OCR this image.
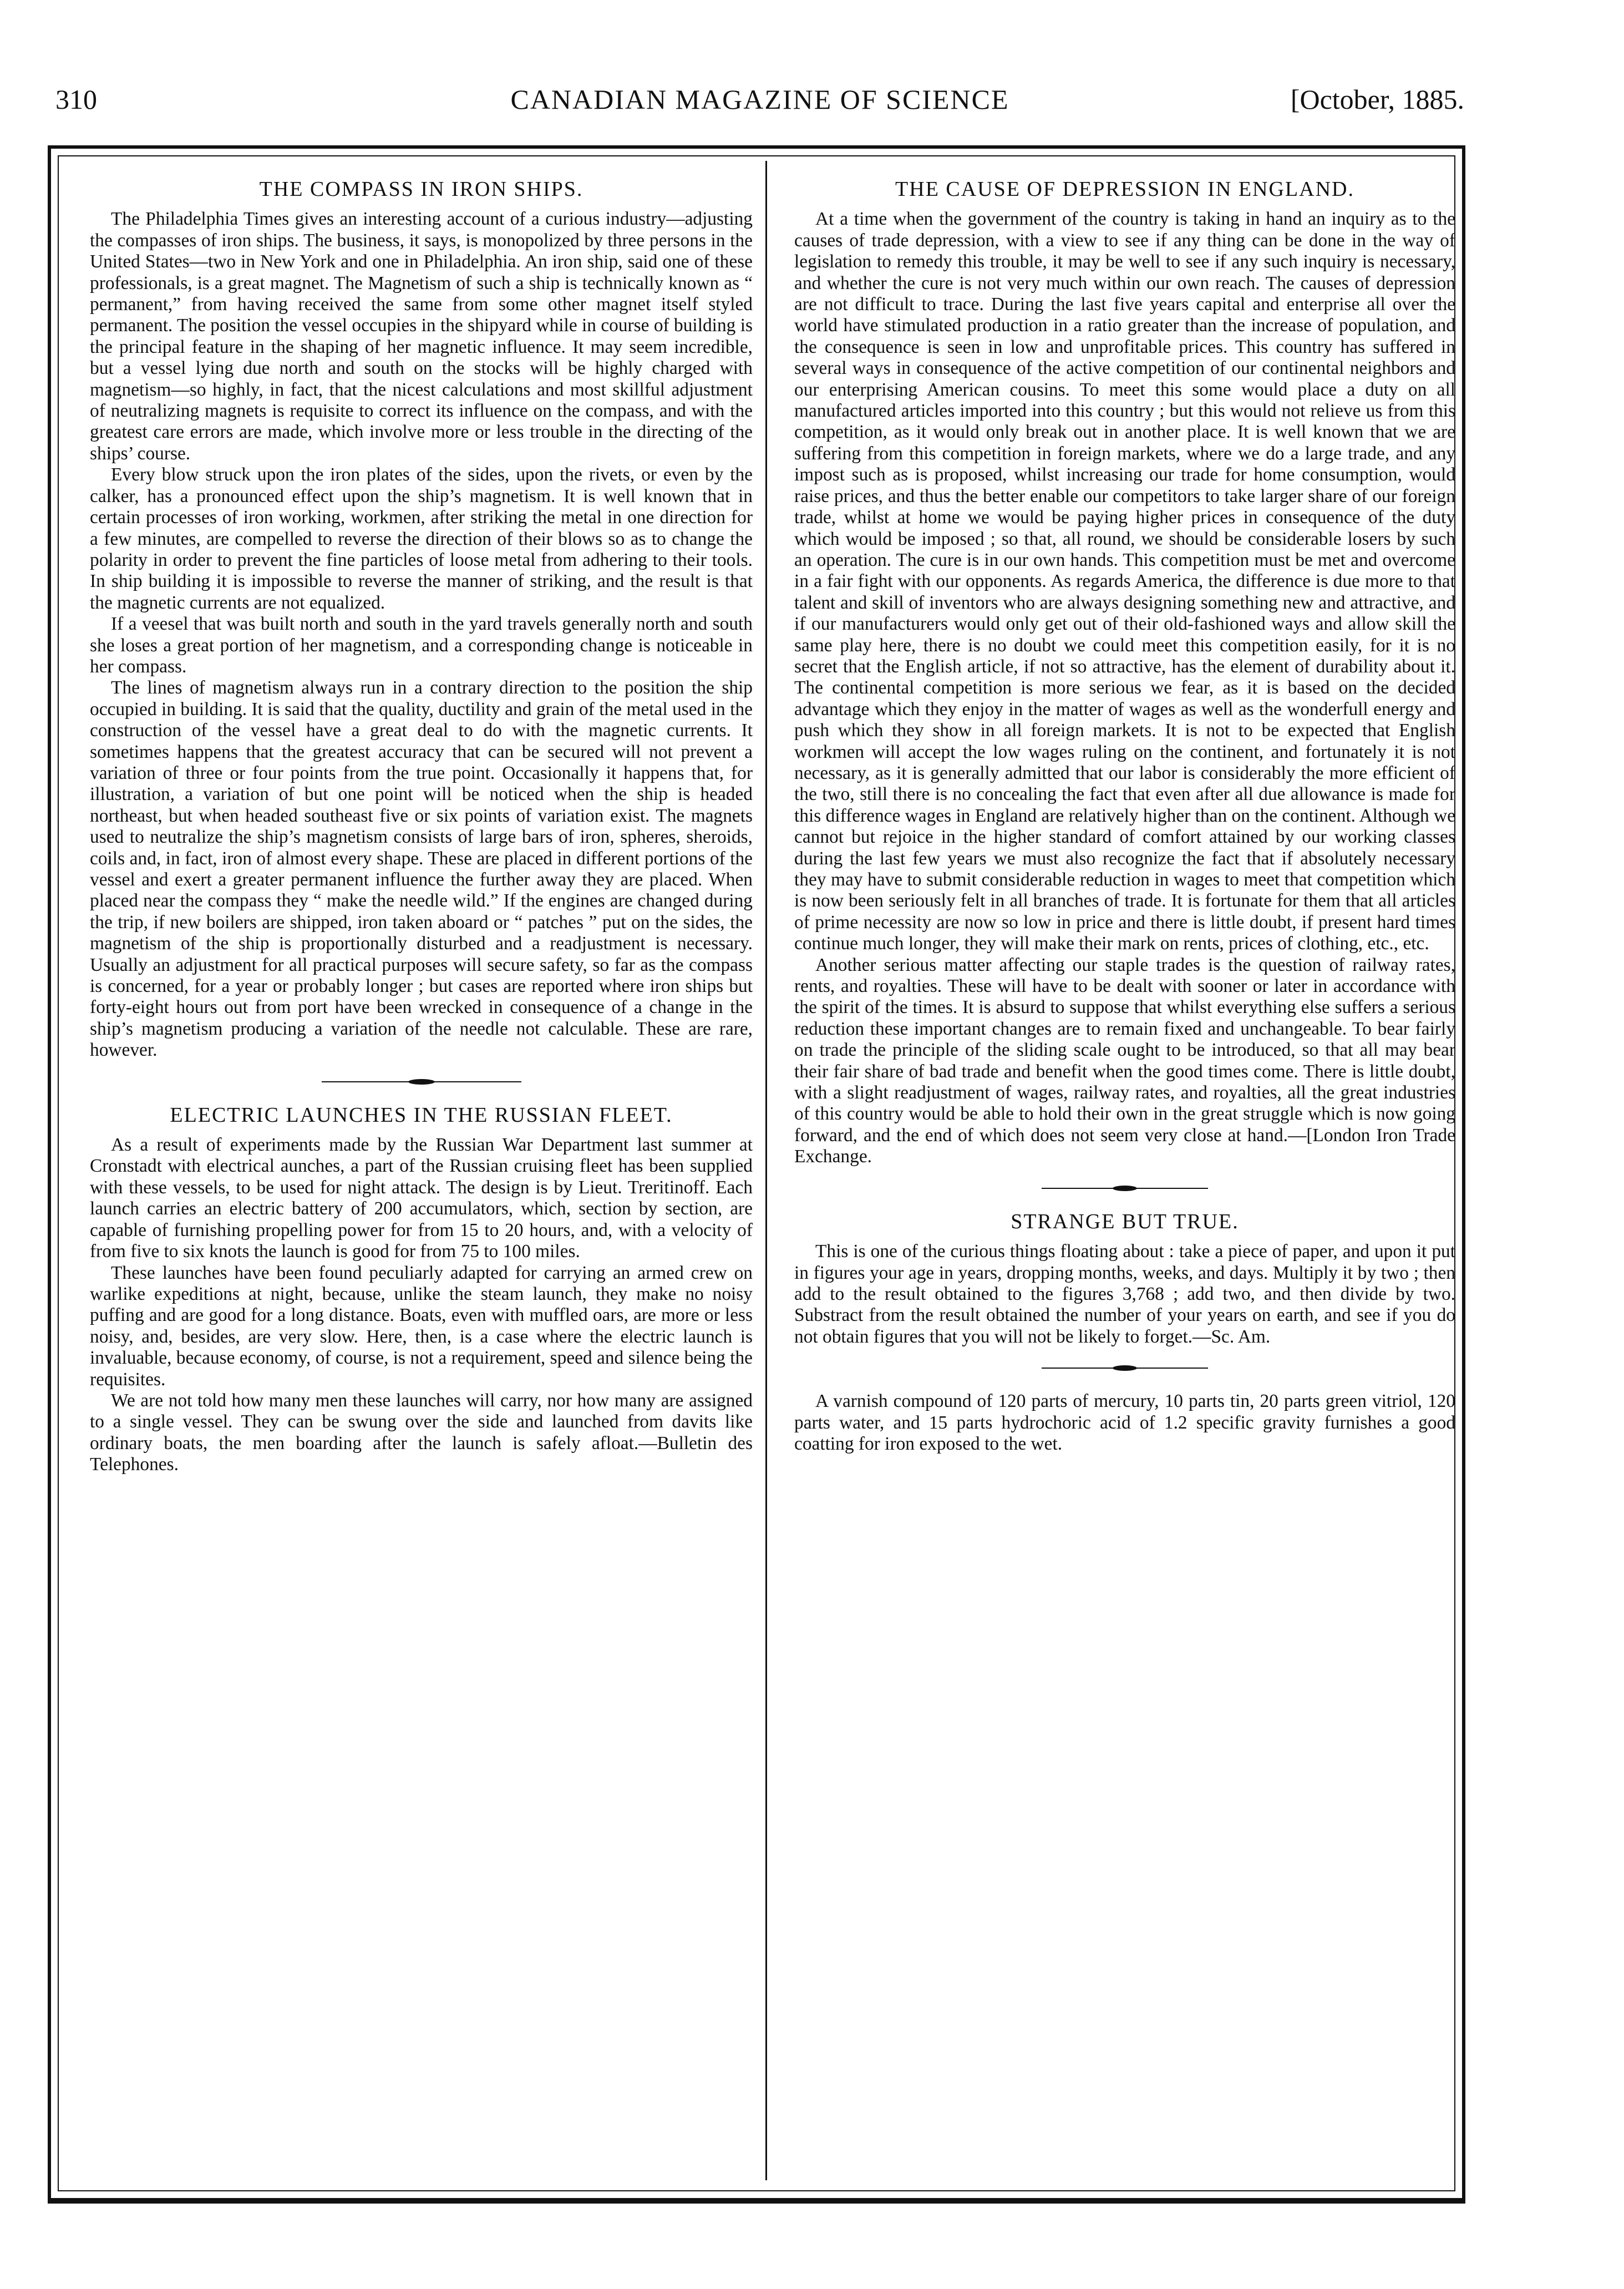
310	CANADIAN MAGAZINE OF SCIENCE	[October, 1885.
THE COMPASS IN IRON SHIPS.

The Philadelphia Times gives an interesting account of a curious industry—adjusting the compasses of iron ships. The business, it says, is monopolized by three persons in the United States—two in New York and one in Philadelphia. An iron ship, said one of these professionals, is a great magnet. The Magnetism of such a ship is technically known as “ permanent,” from having received the same from some other magnet itself styled permanent. The position the vessel occupies in the shipyard while in course of building is the principal feature in the shaping of her magnetic influence. It may seem incredible, but a vessel lying due north and south on the stocks will be highly charged with magnetism—so highly, in fact, that the nicest calculations and most skillful adjustment of neutralizing magnets is requisite to correct its influence on the compass, and with the greatest care errors are made, which involve more or less trouble in the directing of the ships’ course.

Every blow struck upon the iron plates of the sides, upon the rivets, or even by the calker, has a pronounced effect upon the ship’s magnetism. It is well known that in certain processes of iron working, workmen, after striking the metal in one direction for a few minutes, are compelled to reverse the direction of their blows so as to change the polarity in order to prevent the fine particles of loose metal from adhering to their tools. In ship building it is impossible to reverse the manner of striking, and the result is that the magnetic currents are not equalized.

If a veesel that was built north and south in the yard travels generally north and south she loses a great portion of her magnetism, and a corresponding change is noticeable in her compass.

The lines of magnetism always run in a contrary direction to the position the ship occupied in building. It is said that the quality, ductility and grain of the metal used in the construction of the vessel have a great deal to do with the magnetic currents. It sometimes happens that the greatest accuracy that can be secured will not prevent a variation of three or four points from the true point. Occasionally it happens that, for illustration, a variation of but one point will be noticed when the ship is headed northeast, but when headed southeast five or six points of variation exist. The magnets used to neutralize the ship’s magnetism consists of large bars of iron, spheres, sheroids, coils and, in fact, iron of almost every shape. These are placed in different portions of the vessel and exert a greater permanent influence the further away they are placed. When placed near the compass they “ make the needle wild.” If the engines are changed during the trip, if new boilers are shipped, iron taken aboard or “ patches ” put on the sides, the magnetism of the ship is proportionally disturbed and a readjustment is necessary. Usually an adjustment for all practical purposes will secure safety, so far as the compass is concerned, for a year or probably longer ; but cases are reported where iron ships but forty-eight hours out from port have been wrecked in consequence of a change in the ship’s magnetism producing a variation of the needle not calculable. These are rare, however.

ELECTRIC LAUNCHES IN THE RUSSIAN FLEET.

As a result of experiments made by the Russian War Department last summer at Cronstadt with electrical aunches, a part of the Russian cruising fleet has been supplied with these vessels, to be used for night attack. The design is by Lieut. Treritinoff. Each launch carries an electric battery of 200 accumulators, which, section by section, are capable of furnishing propelling power for from 15 to 20 hours, and, with a velocity of from five to six knots the launch is good for from 75 to 100 miles.

These launches have been found peculiarly adapted for carrying an armed crew on warlike expeditions at night, because, unlike the steam launch, they make no noisy puffing and are good for a long distance. Boats, even with muffled oars, are more or less noisy, and, besides, are very slow. Here, then, is a case where the electric launch is invaluable, because economy, of course, is not a requirement, speed and silence being the requisites.

We are not told how many men these launches will carry, nor how many are assigned to a single vessel. They can be swung over the side and launched from davits like ordinary boats, the men boarding after the launch is safely afloat.—Bulletin des Telephones.

THE CAUSE OF DEPRESSION IN ENGLAND.

At a time when the government of the country is taking in hand an inquiry as to the causes of trade depression, with a view to see if any thing can be done in the way of legislation to remedy this trouble, it may be well to see if any such inquiry is necessary, and whether the cure is not very much within our own reach. The causes of depression are not difficult to trace. During the last five years capital and enterprise all over the world have stimulated production in a ratio greater than the increase of population, and the consequence is seen in low and unprofitable prices. This country has suffered in several ways in consequence of the active competition of our continental neighbors and our enterprising American cousins. To meet this some would place a duty on all manufactured articles imported into this country ; but this would not relieve us from this competition, as it would only break out in another place. It is well known that we are suffering from this competition in foreign markets, where we do a large trade, and any impost such as is proposed, whilst increasing our trade for home consumption, would raise prices, and thus the better enable our competitors to take larger share of our foreign trade, whilst at home we would be paying higher prices in consequence of the duty which would be imposed ; so that, all round, we should be considerable losers by such an operation. The cure is in our own hands. This competition must be met and overcome in a fair fight with our opponents. As regards America, the difference is due more to that talent and skill of inventors who are always designing something new and attractive, and if our manufacturers would only get out of their old-fashioned ways and allow skill the same play here, there is no doubt we could meet this competition easily, for it is no secret that the English article, if not so attractive, has the element of durability about it. The continental competition is more serious we fear, as it is based on the decided advantage which they enjoy in the matter of wages as well as the wonderfull energy and push which they show in all foreign markets. It is not to be expected that English workmen will accept the low wages ruling on the continent, and fortunately it is not necessary, as it is generally admitted that our labor is considerably the more efficient of the two, still there is no concealing the fact that even after all due allowance is made for this difference wages in England are relatively higher than on the continent. Although we cannot but rejoice in the higher standard of comfort attained by our working classes during the last few years we must also recognize the fact that if absolutely necessary they may have to submit considerable reduction in wages to meet that competition which is now been seriously felt in all branches of trade. It is fortunate for them that all articles of prime necessity are now so low in price and there is little doubt, if present hard times continue much longer, they will make their mark on rents, prices of clothing, etc., etc.

Another serious matter affecting our staple trades is the question of railway rates, rents, and royalties. These will have to be dealt with sooner or later in accordance with the spirit of the times. It is absurd to suppose that whilst everything else suffers a serious reduction these important changes are to remain fixed and unchangeable. To bear fairly on trade the principle of the sliding scale ought to be introduced, so that all may bear their fair share of bad trade and benefit when the good times come. There is little doubt, with a slight readjustment of wages, railway rates, and royalties, all the great industries of this country would be able to hold their own in the great struggle which is now going forward, and the end of which does not seem very close at hand.—[London Iron Trade Exchange.

STRANGE BUT TRUE.

This is one of the curious things floating about : take a piece of paper, and upon it put in figures your age in years, dropping months, weeks, and days. Multiply it by two ; then add to the result obtained to the figures 3,768 ; add two, and then divide by two. Substract from the result obtained the number of your years on earth, and see if you do not obtain figures that you will not be likely to forget.—Sc. Am.

A varnish compound of 120 parts of mercury, 10 parts tin, 20 parts green vitriol, 120 parts water, and 15 parts hydrochoric acid of 1.2 specific gravity furnishes a good coatting for iron exposed to the wet.
